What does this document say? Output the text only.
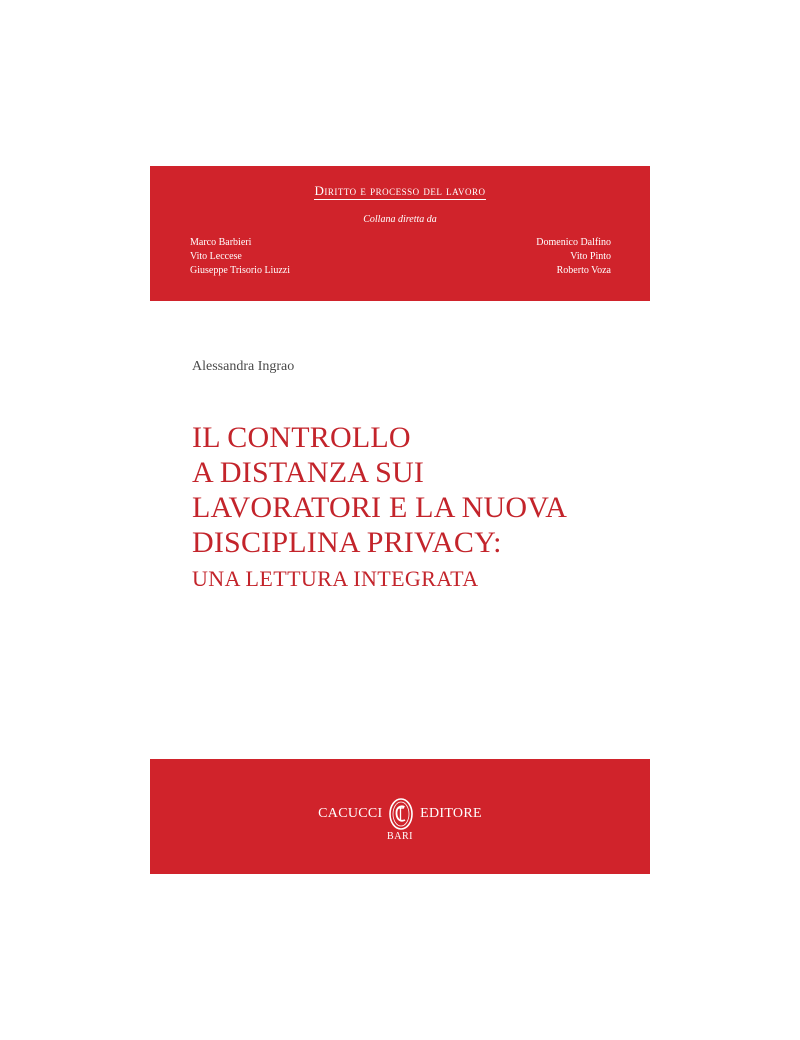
Diritto e processo del lavoro
Collana diretta da
Marco Barbieri
Vito Leccese
Giuseppe Trisorio Liuzzi
Domenico Dalfino
Vito Pinto
Roberto Voza
Alessandra Ingrao
IL CONTROLLO
A DISTANZA SUI
LAVORATORI E LA NUOVA
DISCIPLINA PRIVACY:
UNA LETTURA INTEGRATA
CACUCCI	EDITORE
BARI
